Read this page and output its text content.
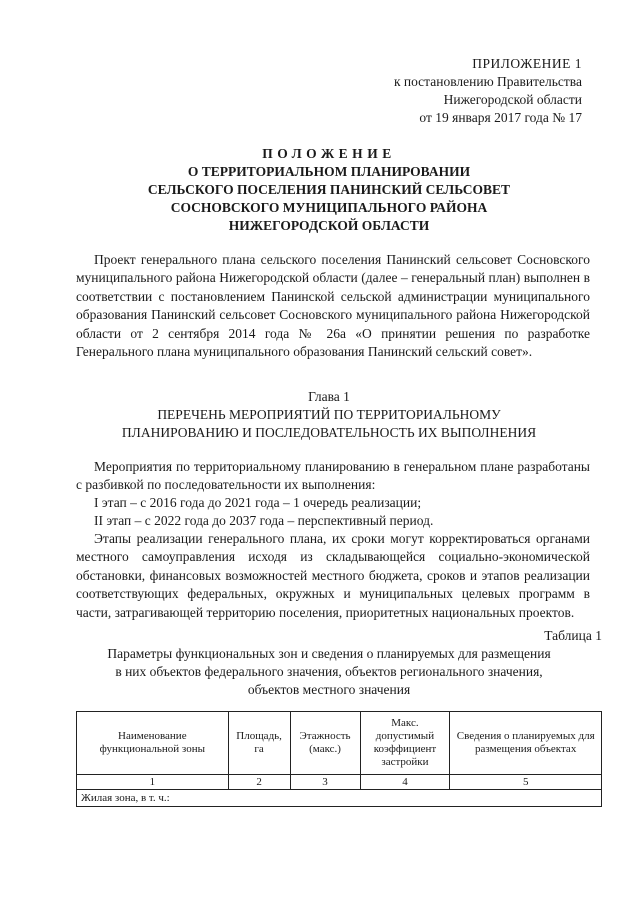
ПРИЛОЖЕНИЕ 1
к постановлению Правительства
Нижегородской области
от 19 января 2017 года № 17
ПОЛОЖЕНИЕ
О ТЕРРИТОРИАЛЬНОМ ПЛАНИРОВАНИИ
СЕЛЬСКОГО ПОСЕЛЕНИЯ ПАНИНСКИЙ СЕЛЬСОВЕТ
СОСНОВСКОГО МУНИЦИПАЛЬНОГО РАЙОНА
НИЖЕГОРОДСКОЙ ОБЛАСТИ
Проект генерального плана сельского поселения Панинский сельсовет Сосновского муниципального района Нижегородской области (далее – генеральный план) выполнен в соответствии с постановлением Панинской сельской администрации муниципального образования Панинский сельсовет Сосновского муниципального района Нижегородской области от 2 сентября 2014 года № 26а «О принятии решения по разработке Генерального плана муниципального образования Панинский сельский совет».
Глава 1
ПЕРЕЧЕНЬ МЕРОПРИЯТИЙ ПО ТЕРРИТОРИАЛЬНОМУ
ПЛАНИРОВАНИЮ И ПОСЛЕДОВАТЕЛЬНОСТЬ ИХ ВЫПОЛНЕНИЯ
Мероприятия по территориальному планированию в генеральном плане разработаны с разбивкой по последовательности их выполнения:
I этап – с 2016 года до 2021 года – 1 очередь реализации;
II этап – с 2022 года до 2037 года – перспективный период.
Этапы реализации генерального плана, их сроки могут корректироваться органами местного самоуправления исходя из складывающейся социально-экономической обстановки, финансовых возможностей местного бюджета, сроков и этапов реализации соответствующих федеральных, окружных и муниципальных целевых программ в части, затрагивающей территорию поселения, приоритетных национальных проектов.
Таблица 1
Параметры функциональных зон и сведения о планируемых для размещения
в них объектов федерального значения, объектов регионального значения,
объектов местного значения
Наименование функциональной зоны	Площадь, га	Этажность (макс.)	Макс. допустимый коэффициент застройки	Сведения о планируемых для размещения объектах
1	2	3	4	5
Жилая зона, в т. ч.:				
